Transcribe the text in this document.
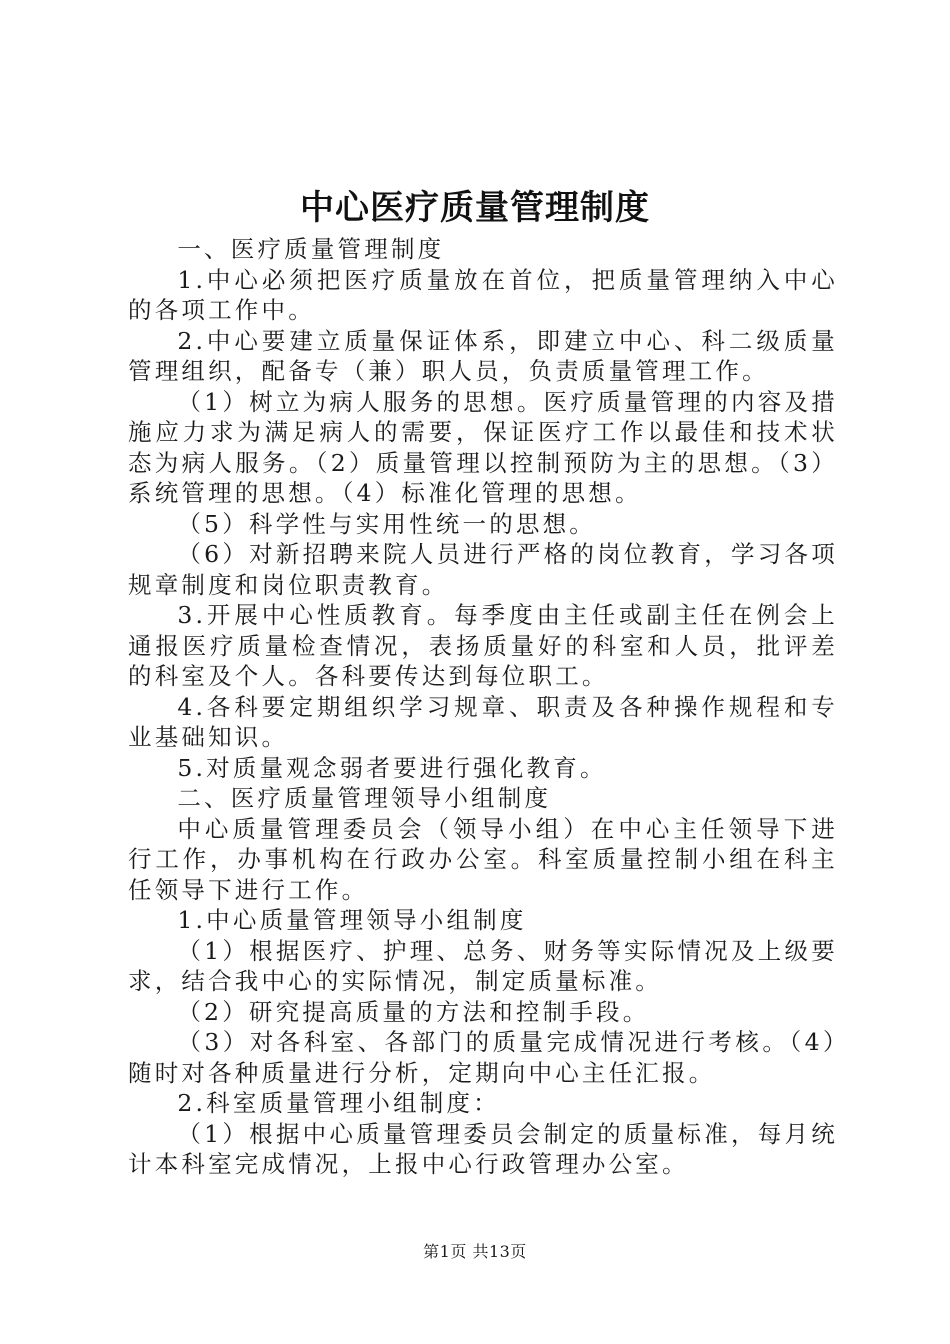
中心医疗质量管理制度

一、医疗质量管理制度

1.中心必须把医疗质量放在首位，把质量管理纳入中心的各项工作中。

2.中心要建立质量保证体系，即建立中心、科二级质量管理组织，配备专（兼）职人员，负责质量管理工作。

（1）树立为病人服务的思想。医疗质量管理的内容及措施应力求为满足病人的需要，保证医疗工作以最佳和技术状态为病人服务。（2）质量管理以控制预防为主的思想。（3）系统管理的思想。（4）标准化管理的思想。

（5）科学性与实用性统一的思想。

（6）对新招聘来院人员进行严格的岗位教育，学习各项规章制度和岗位职责教育。

3.开展中心性质教育。每季度由主任或副主任在例会上通报医疗质量检查情况，表扬质量好的科室和人员，批评差的科室及个人。各科要传达到每位职工。

4.各科要定期组织学习规章、职责及各种操作规程和专业基础知识。

5.对质量观念弱者要进行强化教育。

二、医疗质量管理领导小组制度

中心质量管理委员会（领导小组）在中心主任领导下进行工作，办事机构在行政办公室。科室质量控制小组在科主任领导下进行工作。

1.中心质量管理领导小组制度

（1）根据医疗、护理、总务、财务等实际情况及上级要求，结合我中心的实际情况，制定质量标准。

（2）研究提高质量的方法和控制手段。

（3）对各科室、各部门的质量完成情况进行考核。（4）随时对各种质量进行分析，定期向中心主任汇报。

2.科室质量管理小组制度：

（1）根据中心质量管理委员会制定的质量标准，每月统计本科室完成情况，上报中心行政管理办公室。

第1页 共13页
